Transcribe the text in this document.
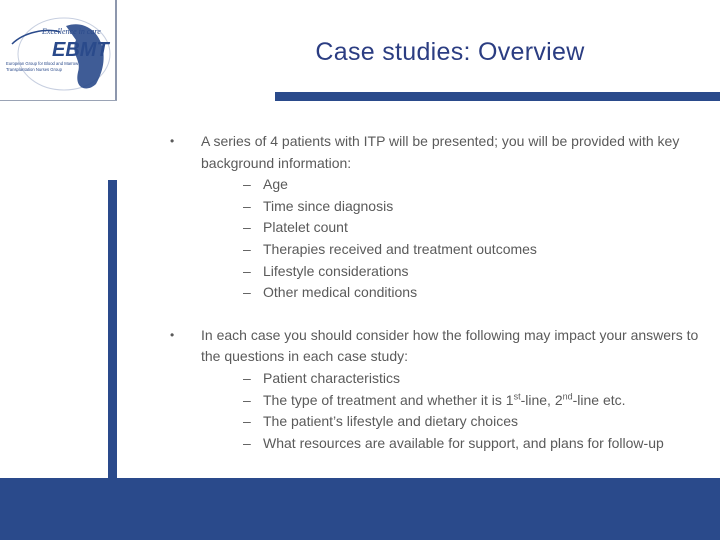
Excellence in care
EBMT
European Group for Blood and Marrow
Transplantation Nurses Group
Case studies: Overview
• A series of 4 patients with ITP will be presented; you will be provided with key background information:
– Age
– Time since diagnosis
– Platelet count
– Therapies received and treatment outcomes
– Lifestyle considerations
– Other medical conditions
• In each case you should consider how the following may impact your answers to the questions in each case study:
– Patient characteristics
– The type of treatment and whether it is 1st-line, 2nd-line etc.
– The patient’s lifestyle and dietary choices
– What resources are available for support, and plans for follow-up
